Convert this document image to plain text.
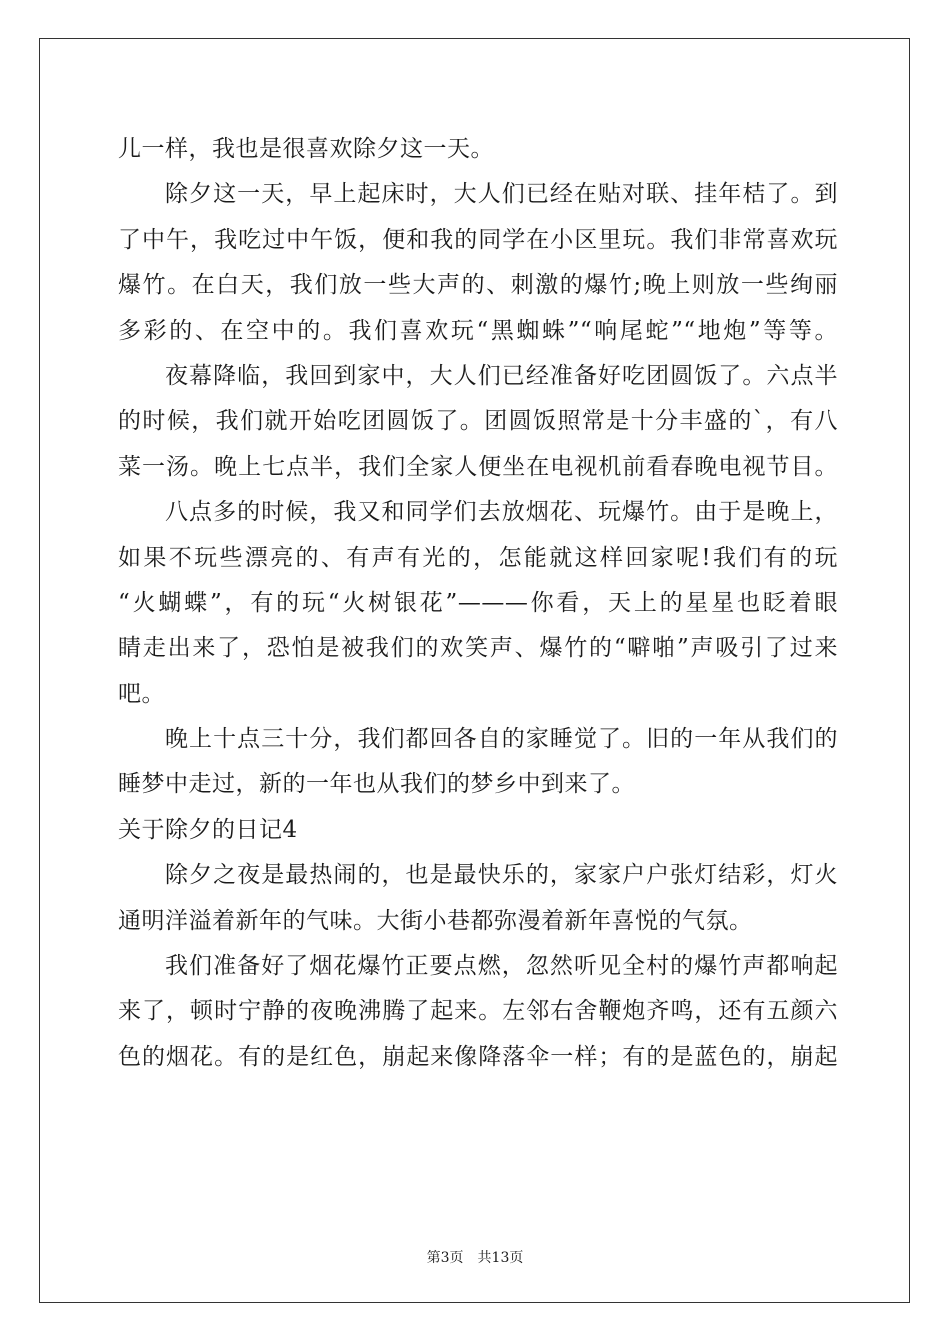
儿一样，我也是很喜欢除夕这一天。
除夕这一天，早上起床时，大人们已经在贴对联、挂年桔了。到
了中午，我吃过中午饭，便和我的同学在小区里玩。我们非常喜欢玩
爆竹。在白天，我们放一些大声的、刺激的爆竹;晚上则放一些绚丽
多彩的、在空中的。我们喜欢玩“黑蜘蛛”“响尾蛇”“地炮”等等。
夜幕降临，我回到家中，大人们已经准备好吃团圆饭了。六点半
的时候，我们就开始吃团圆饭了。团圆饭照常是十分丰盛的`，有八
菜一汤。晚上七点半，我们全家人便坐在电视机前看春晚电视节目。
八点多的时候，我又和同学们去放烟花、玩爆竹。由于是晚上，
如果不玩些漂亮的、有声有光的，怎能就这样回家呢!我们有的玩
“火蝴蝶”，有的玩“火树银花”———你看，天上的星星也眨着眼
睛走出来了，恐怕是被我们的欢笑声、爆竹的“噼啪”声吸引了过来
吧。
晚上十点三十分，我们都回各自的家睡觉了。旧的一年从我们的
睡梦中走过，新的一年也从我们的梦乡中到来了。
关于除夕的日记4
除夕之夜是最热闹的，也是最快乐的，家家户户张灯结彩，灯火
通明洋溢着新年的气味。大街小巷都弥漫着新年喜悦的气氛。
我们准备好了烟花爆竹正要点燃，忽然听见全村的爆竹声都响起
来了，顿时宁静的夜晚沸腾了起来。左邻右舍鞭炮齐鸣，还有五颜六
色的烟花。有的是红色，崩起来像降落伞一样；有的是蓝色的，崩起
第3页　共13页
